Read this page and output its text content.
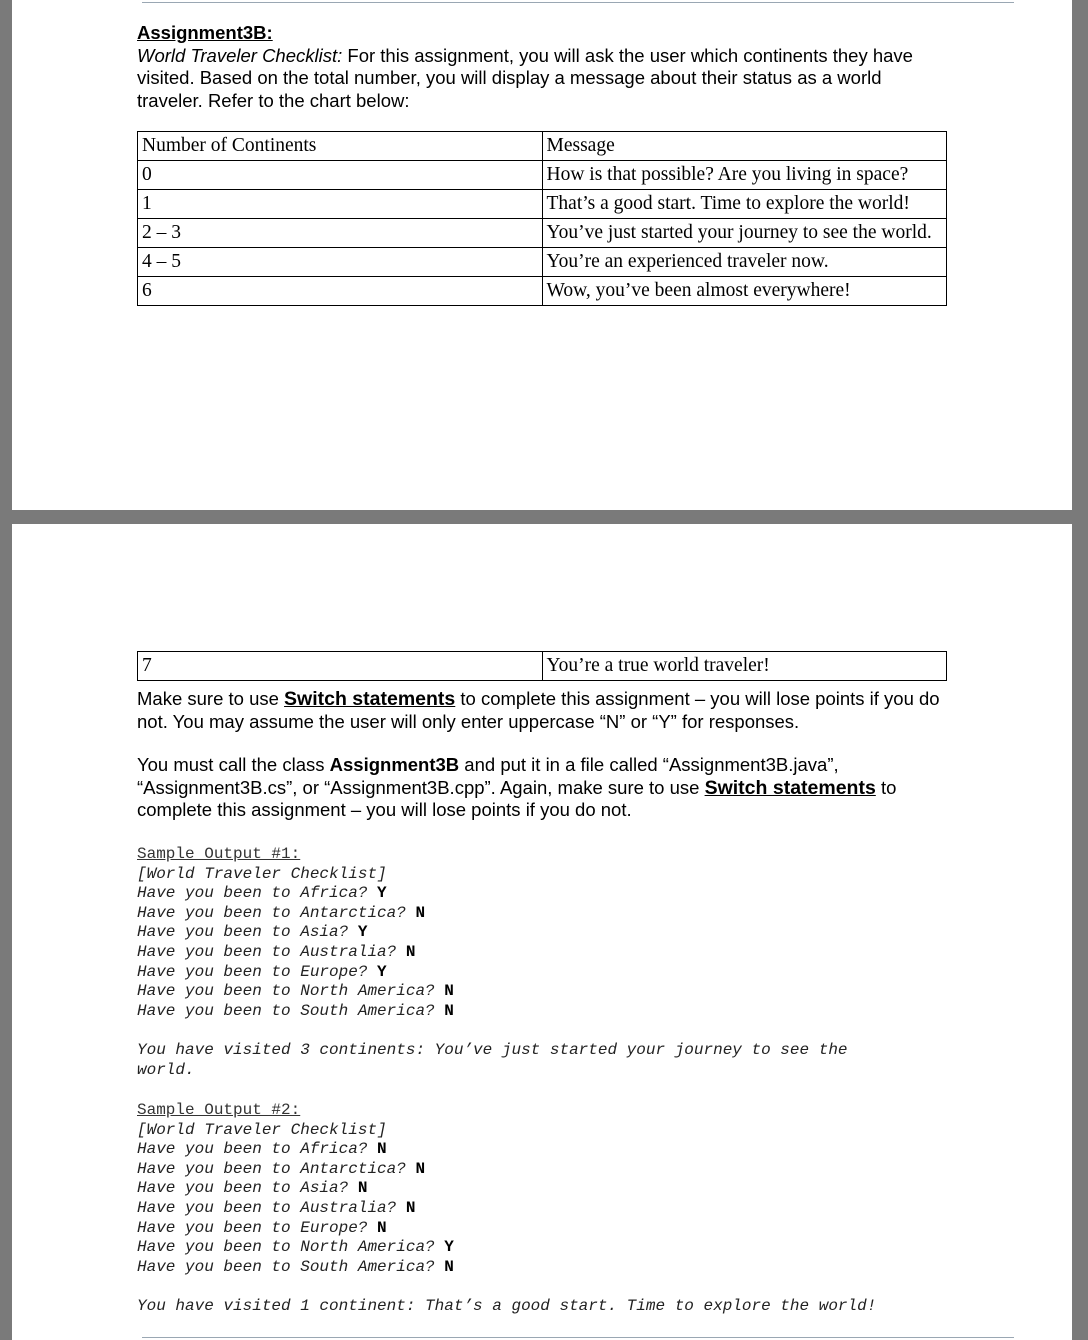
Assignment3B:
World Traveler Checklist: For this assignment, you will ask the user which continents they have visited. Based on the total number, you will display a message about their status as a world traveler. Refer to the chart below:
Number of Continents	Message
0	How is that possible? Are you living in space?
1	That’s a good start. Time to explore the world!
2 – 3	You’ve just started your journey to see the world.
4 – 5	You’re an experienced traveler now.
6	Wow, you’ve been almost everywhere!
7	You’re a true world traveler!
Make sure to use Switch statements to complete this assignment – you will lose points if you do not. You may assume the user will only enter uppercase “N” or “Y” for responses.
You must call the class Assignment3B and put it in a file called “Assignment3B.java”, “Assignment3B.cs”, or “Assignment3B.cpp”. Again, make sure to use Switch statements to complete this assignment – you will lose points if you do not.
Sample Output #1:
[World Traveler Checklist]
Have you been to Africa? Y
Have you been to Antarctica? N
Have you been to Asia? Y
Have you been to Australia? N
Have you been to Europe? Y
Have you been to North America? N
Have you been to South America? N

You have visited 3 continents: You’ve just started your journey to see the
world.
Sample Output #2:
[World Traveler Checklist]
Have you been to Africa? N
Have you been to Antarctica? N
Have you been to Asia? N
Have you been to Australia? N
Have you been to Europe? N
Have you been to North America? Y
Have you been to South America? N

You have visited 1 continent: That’s a good start. Time to explore the world!
